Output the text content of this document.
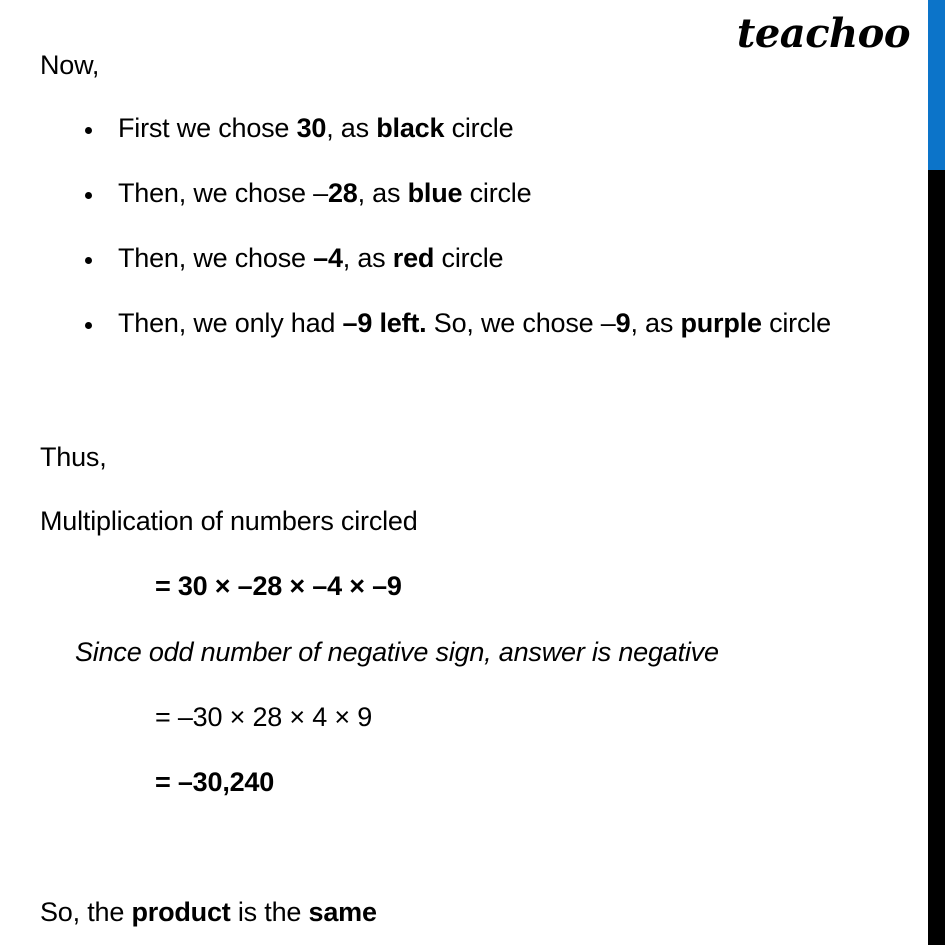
teachoo
Now,
First we chose 30, as black circle
Then, we chose –28, as blue circle
Then, we chose –4, as red circle
Then, we only had –9 left. So, we chose –9, as purple circle
Thus,
Multiplication of numbers circled
= 30 × –28 × –4 × –9
Since odd number of negative sign, answer is negative
= –30 × 28 × 4 × 9
= –30,240
So, the product is the same
